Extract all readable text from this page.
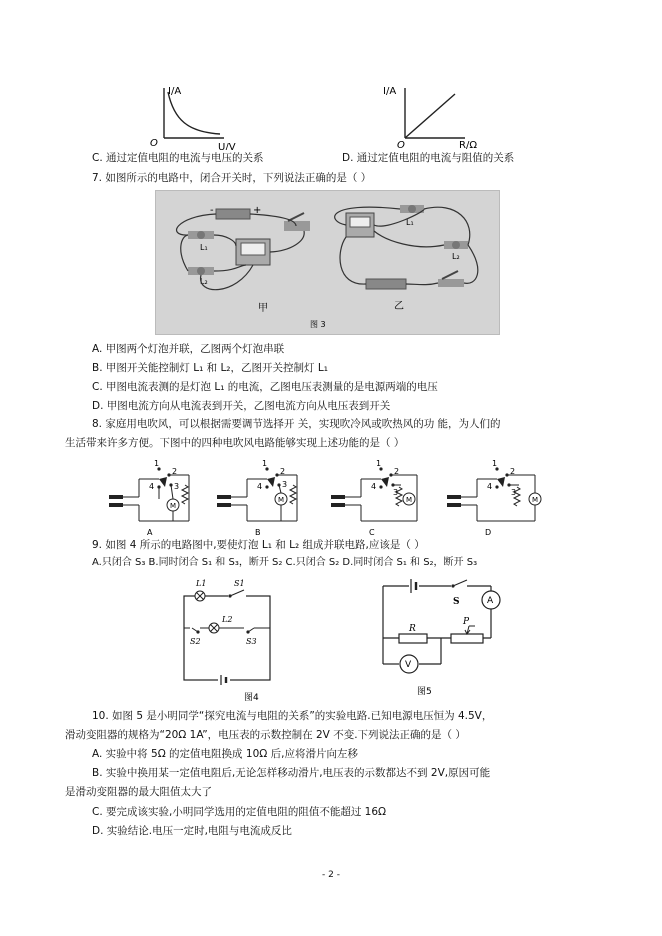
I/A
O	U/V
I/A
O	R/Ω
C. 通过定值电阻的电流与电压的关系	D. 通过定值电阻的电流与阻值的关系
7. 如图所示的电路中，闭合开关时，下列说法正确的是（ ）
+
-
L₁
L₂
甲
L₁
L₂
乙
图 3
A. 甲图两个灯泡并联，乙图两个灯泡串联
B. 甲图开关能控制灯 L₁ 和 L₂，乙图开关控制灯 L₁
C. 甲图电流表测的是灯泡 L₁ 的电流，乙图电压表测量的是电源两端的电压
D. 甲图电流方向从电流表到开关，乙图电流方向从电压表到开关
8. 家庭用电吹风，可以根据需要调节选择开 关，实现吹冷风或吹热风的功 能，为人们的
生活带来许多方便。下图中的四种电吹风电路能够实现上述功能的是（ ）
1
2
3
4
M
A
1
2
3
4
M
B
1
2
3
4
M
C
1
2
3
4
M
D
9. 如图 4 所示的电路图中,要使灯泡 L₁ 和 L₂ 组成并联电路,应该是（ ）
A.只闭合 S₃ B.同时闭合 S₁ 和 S₃，断开 S₂ C.只闭合 S₂ D.同时闭合 S₁ 和 S₂，断开 S₃
L1	S1
L2
S2	S3
图4
S	A
R
P
V
图5
10. 如图 5 是小明同学“探究电流与电阻的关系”的实验电路.已知电源电压恒为 4.5V，
滑动变阻器的规格为“20Ω 1A”，电压表的示数控制在 2V 不变.下列说法正确的是（ ）
A. 实验中将 5Ω 的定值电阻换成 10Ω 后,应将滑片向左移
B. 实验中换用某一定值电阻后,无论怎样移动滑片,电压表的示数都达不到 2V,原因可能
是滑动变阻器的最大阻值太大了
C. 要完成该实验,小明同学选用的定值电阻的阻值不能超过 16Ω
D. 实验结论.电压一定时,电阻与电流成反比
- 2 -
